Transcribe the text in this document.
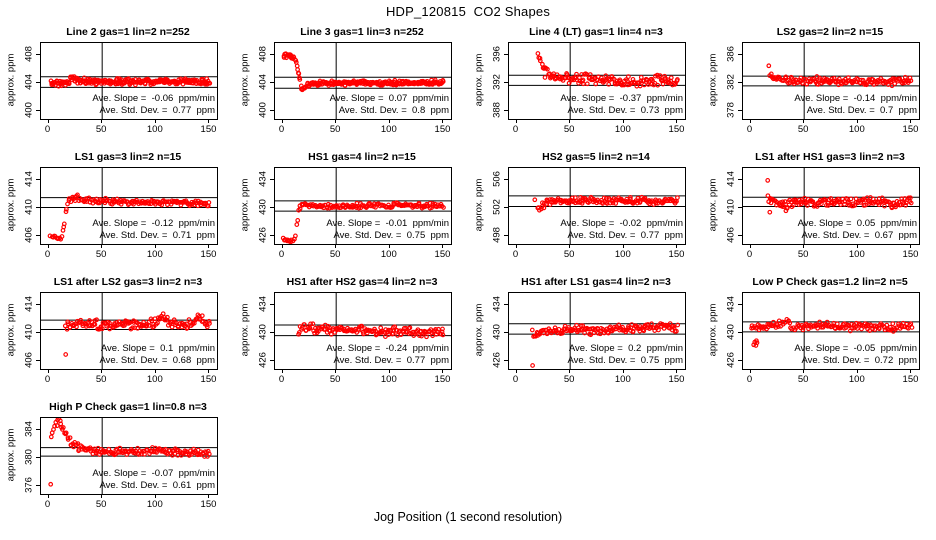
HDP_120815  CO2 Shapes
Line 2 gas=1 lin=2 n=252
approx. ppm	Ave. Slope =  -0.06  ppm/min
Ave. Std. Dev. =  0.77  ppm
400
404
408
0	50	100	150
Line 3 gas=1 lin=3 n=252
approx. ppm	Ave. Slope =  0.07  ppm/min
Ave. Std. Dev. =  0.8  ppm
400
404
408
0	50	100	150
Line 4 (LT) gas=1 lin=4 n=3
approx. ppm	Ave. Slope =  -0.37  ppm/min
Ave. Std. Dev. =  0.73  ppm
388
392
396
0	50	100	150
LS2 gas=2 lin=2 n=15
approx. ppm	Ave. Slope =  -0.14  ppm/min
Ave. Std. Dev. =  0.7  ppm
378
382
386
0	50	100	150
LS1 gas=3 lin=2 n=15
approx. ppm	Ave. Slope =  -0.12  ppm/min
Ave. Std. Dev. =  0.71  ppm
406
410
414
0	50	100	150
HS1 gas=4 lin=2 n=15
approx. ppm	Ave. Slope =  -0.01  ppm/min
Ave. Std. Dev. =  0.75  ppm
426
430
434
0	50	100	150
HS2 gas=5 lin=2 n=14
approx. ppm	Ave. Slope =  -0.02  ppm/min
Ave. Std. Dev. =  0.77  ppm
498
502
506
0	50	100	150
LS1 after HS1 gas=3 lin=2 n=3
approx. ppm	Ave. Slope =  0.05  ppm/min
Ave. Std. Dev. =  0.67  ppm
406
410
414
0	50	100	150
LS1 after LS2 gas=3 lin=2 n=3
approx. ppm	Ave. Slope =  0.1  ppm/min
Ave. Std. Dev. =  0.68  ppm
406
410
414
0	50	100	150
HS1 after HS2 gas=4 lin=2 n=3
approx. ppm	Ave. Slope =  -0.24  ppm/min
Ave. Std. Dev. =  0.77  ppm
426
430
434
0	50	100	150
HS1 after LS1 gas=4 lin=2 n=3
approx. ppm	Ave. Slope =  0.2  ppm/min
Ave. Std. Dev. =  0.75  ppm
426
430
434
0	50	100	150
Low P Check gas=1.2 lin=2 n=5
approx. ppm	Ave. Slope =  -0.05  ppm/min
Ave. Std. Dev. =  0.72  ppm
426
430
434
0	50	100	150
High P Check gas=1 lin=0.8 n=3
approx. ppm	Ave. Slope =  -0.07  ppm/min
Ave. Std. Dev. =  0.61  ppm
376
380
384
0	50	100	150
Jog Position (1 second resolution)
